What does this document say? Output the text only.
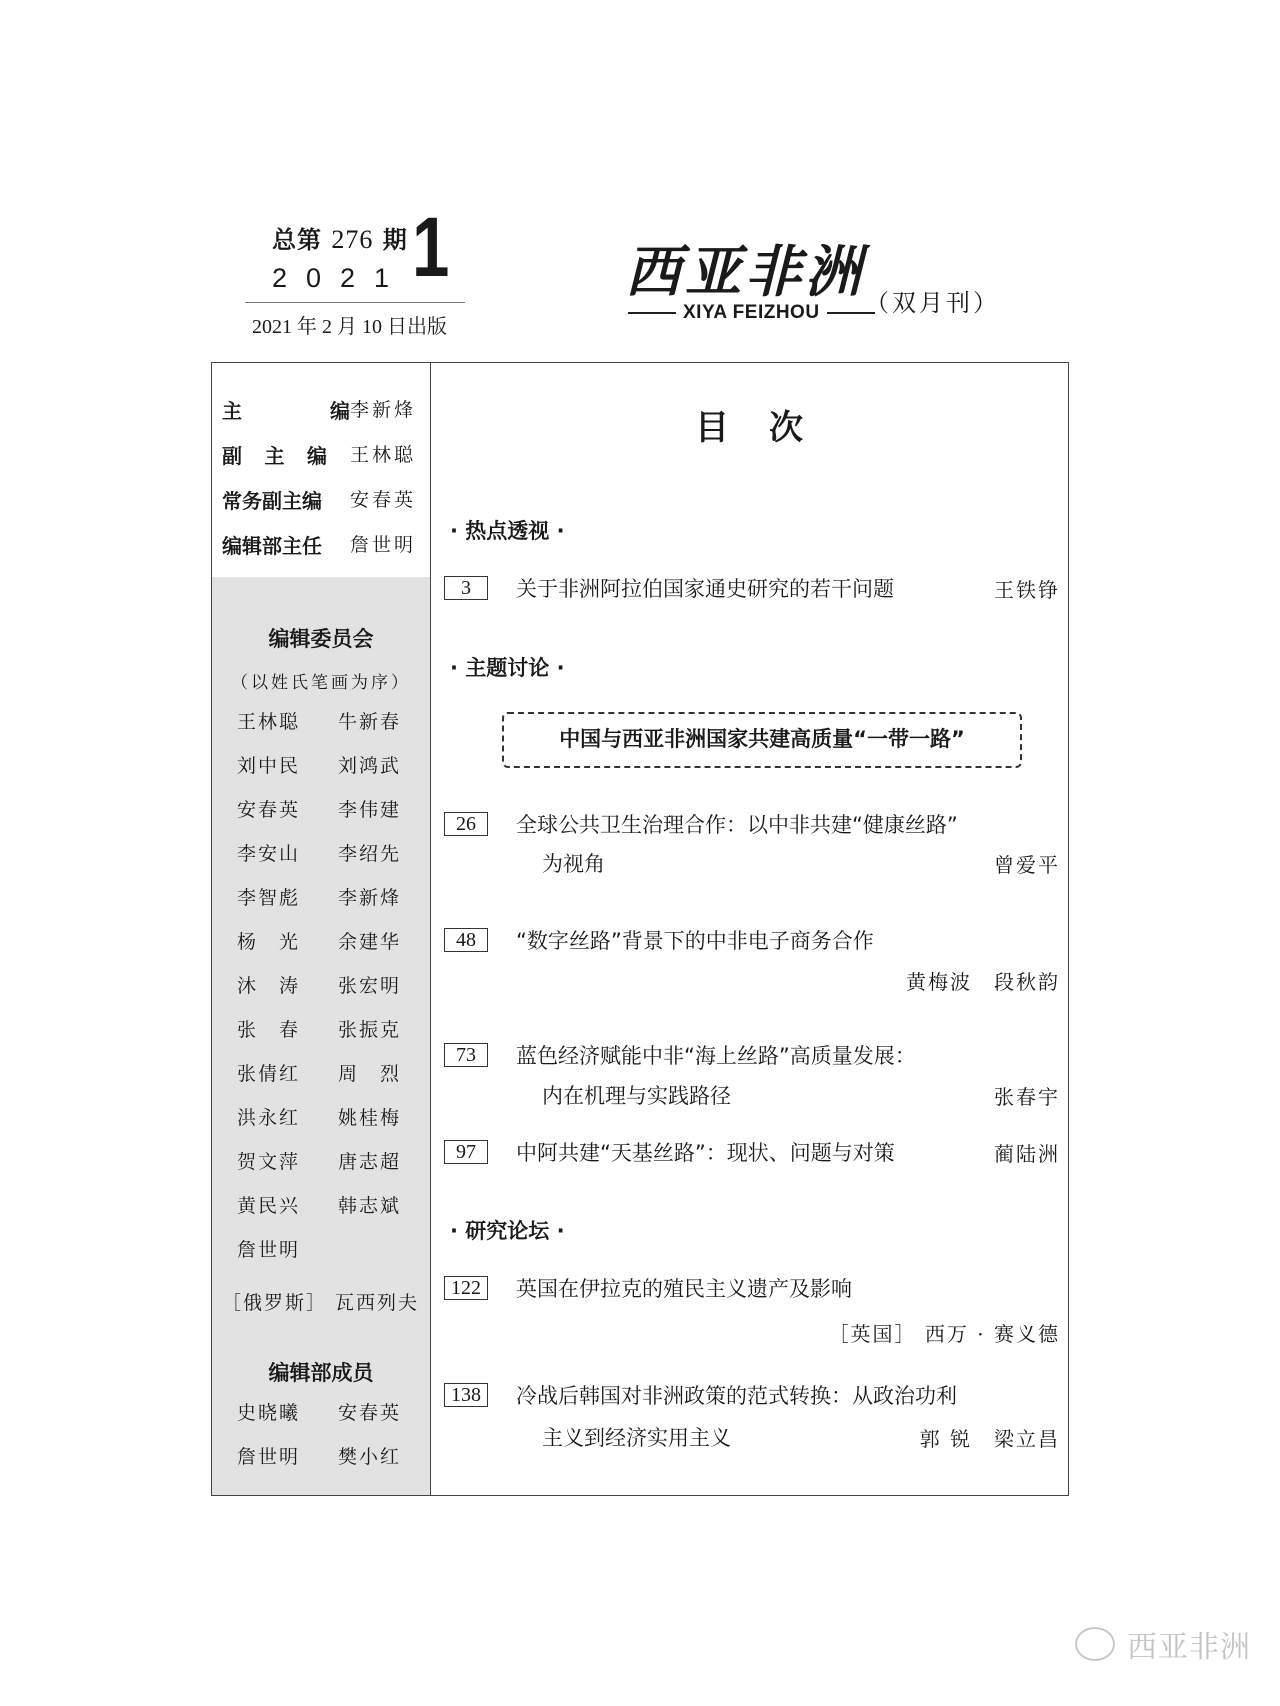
总第 276 期
2021 1
2021 年 2 月 10 日出版
西亚非洲
XIYA FEIZHOU （双月刊）
主	编 李新烽
副 主 编 王林聪
常务副主编	安春英
编辑部主任	詹世明
编辑委员会
（以姓氏笔画为序）
王林聪	牛新春
刘中民	刘鸿武
安春英	李伟建
李安山	李绍先
李智彪	李新烽
杨　光	余建华
沐　涛	张宏明
张　春	张振克
张倩红	周　烈
洪永红	姚桂梅
贺文萍	唐志超
黄民兴	韩志斌
詹世明
［俄罗斯］ 瓦西列夫
编辑部成员
史晓曦	安春英
詹世明	樊小红
目次
· 热点透视 ·
3	关于非洲阿拉伯国家通史研究的若干问题	王铁铮
· 主题讨论 ·
中国与西亚非洲国家共建高质量“一带一路”
26	全球公共卫生治理合作：以中非共建“健康丝路”
为视角	曾爱平
48	“数字丝路”背景下的中非电子商务合作
黄梅波　段秋韵
73	蓝色经济赋能中非“海上丝路”高质量发展：
内在机理与实践路径	张春宇
97	中阿共建“天基丝路”：现状、问题与对策	蔺陆洲
· 研究论坛 ·
122	英国在伊拉克的殖民主义遗产及影响
［英国］ 西万 · 赛义德
138	冷战后韩国对非洲政策的范式转换：从政治功利
主义到经济实用主义	郭 锐　梁立昌
西亚非洲
